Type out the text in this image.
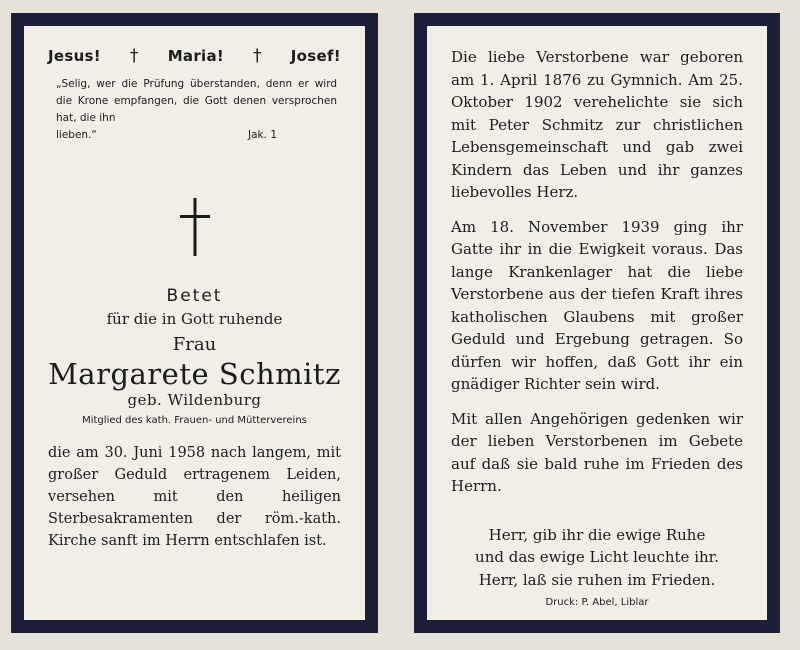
Jesus! † Maria! † Josef!
„Selig, wer die Prüfung überstanden, denn er wird die Krone empfangen, die Gott denen versprochen hat, die ihn
lieben.“	Jak. 1
Betet
für die in Gott ruhende
Frau
Margarete Schmitz
geb. Wildenburg
Mitglied des kath. Frauen- und Müttervereins
die am 30. Juni 1958 nach langem, mit großer Geduld ertragenem Leiden, versehen mit den heiligen Sterbesakramenten der röm.-kath. Kirche sanft im Herrn entschlafen ist.

Die liebe Verstorbene war geboren am 1. April 1876 zu Gymnich. Am 25. Oktober 1902 verehelichte sie sich mit Peter Schmitz zur christlichen Lebensgemeinschaft und gab zwei Kindern das Leben und ihr ganzes liebevolles Herz.

Am 18. November 1939 ging ihr Gatte ihr in die Ewigkeit voraus. Das lange Krankenlager hat die liebe Verstorbene aus der tiefen Kraft ihres katholischen Glaubens mit großer Geduld und Ergebung getragen. So dürfen wir hoffen, daß Gott ihr ein gnädiger Richter sein wird.

Mit allen Angehörigen gedenken wir der lieben Verstorbenen im Gebete auf daß sie bald ruhe im Frieden des Herrn.

Herr, gib ihr die ewige Ruhe
und das ewige Licht leuchte ihr.
Herr, laß sie ruhen im Frieden.
Druck: P. Abel, Liblar
